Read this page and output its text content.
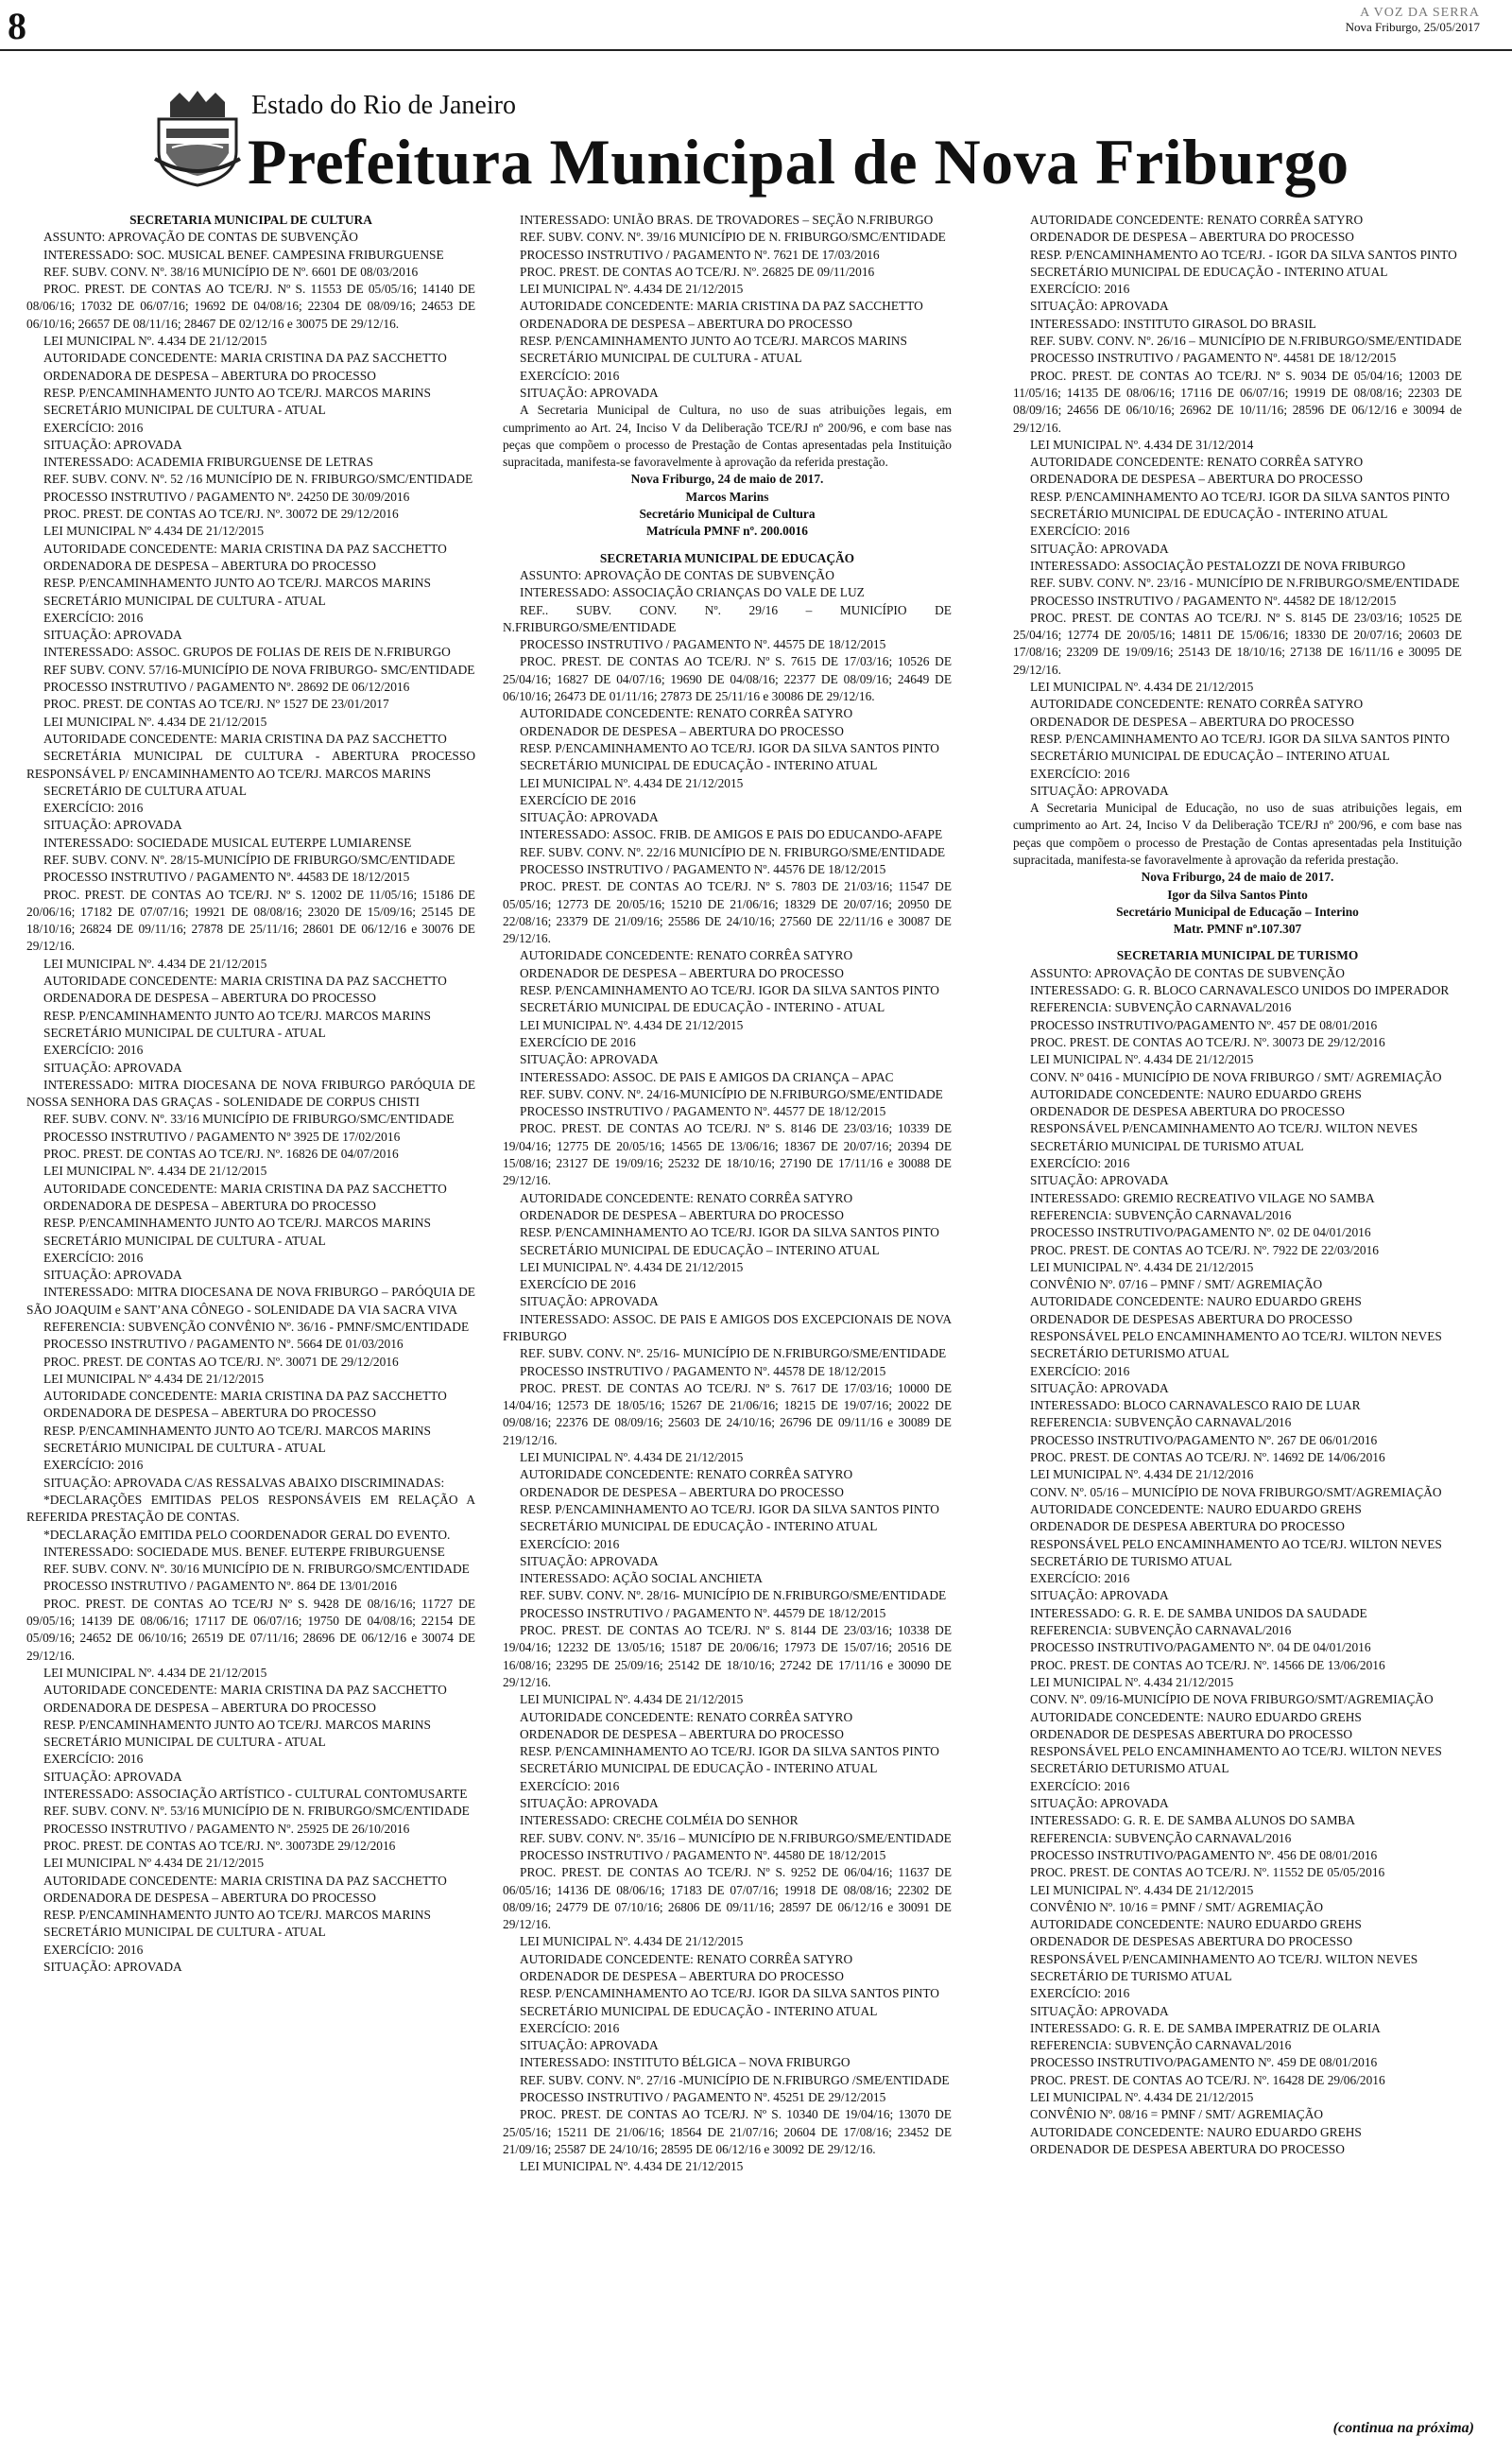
8	A VOZ DA SERRA
Nova Friburgo, 25/05/2017
Estado do Rio de Janeiro
Prefeitura Municipal de Nova Friburgo

SECRETARIA MUNICIPAL DE CULTURA

ASSUNTO: APROVAÇÃO DE CONTAS DE SUBVENÇÃO

INTERESSADO: SOC. MUSICAL BENEF. CAMPESINA FRIBURGUENSE

REF. SUBV. CONV. Nº. 38/16 MUNICÍPIO DE Nº. 6601 DE 08/03/2016

PROC. PREST. DE CONTAS AO TCE/RJ. Nº S. 11553 DE 05/05/16; 14140 DE 08/06/16; 17032 DE 06/07/16; 19692 DE 04/08/16; 22304 DE 08/09/16; 24653 DE 06/10/16; 26657 DE 08/11/16; 28467 DE 02/12/16 e 30075 DE 29/12/16.

LEI MUNICIPAL Nº. 4.434 DE 21/12/2015

AUTORIDADE CONCEDENTE: MARIA CRISTINA DA PAZ SACCHETTO

ORDENADORA DE DESPESA – ABERTURA DO PROCESSO

RESP. P/ENCAMINHAMENTO JUNTO AO TCE/RJ. MARCOS MARINS

SECRETÁRIO MUNICIPAL DE CULTURA - ATUAL

EXERCÍCIO: 2016

SITUAÇÃO: APROVADA

INTERESSADO: ACADEMIA FRIBURGUENSE DE LETRAS

REF. SUBV. CONV. Nº. 52 /16 MUNICÍPIO DE N. FRIBURGO/SMC/ENTIDADE

PROCESSO INSTRUTIVO / PAGAMENTO Nº. 24250 DE 30/09/2016

PROC. PREST. DE CONTAS AO TCE/RJ. Nº. 30072 DE 29/12/2016

LEI MUNICIPAL Nº 4.434 DE 21/12/2015

AUTORIDADE CONCEDENTE: MARIA CRISTINA DA PAZ SACCHETTO

ORDENADORA DE DESPESA – ABERTURA DO PROCESSO

RESP. P/ENCAMINHAMENTO JUNTO AO TCE/RJ. MARCOS MARINS

SECRETÁRIO MUNICIPAL DE CULTURA - ATUAL

EXERCÍCIO: 2016

SITUAÇÃO: APROVADA

INTERESSADO: ASSOC. GRUPOS DE FOLIAS DE REIS DE N.FRIBURGO

REF SUBV. CONV. 57/16-MUNICÍPIO DE NOVA FRIBURGO- SMC/ENTIDADE

PROCESSO INSTRUTIVO / PAGAMENTO Nº. 28692 DE 06/12/2016

PROC. PREST. DE CONTAS AO TCE/RJ. Nº 1527 DE 23/01/2017

LEI MUNICIPAL Nº. 4.434 DE 21/12/2015

AUTORIDADE CONCEDENTE: MARIA CRISTINA DA PAZ SACCHETTO

SECRETÁRIA MUNICIPAL DE CULTURA - ABERTURA PROCESSO RESPONSÁVEL P/ ENCAMINHAMENTO AO TCE/RJ. MARCOS MARINS

SECRETÁRIO DE CULTURA ATUAL

EXERCÍCIO: 2016

SITUAÇÃO: APROVADA

INTERESSADO: SOCIEDADE MUSICAL EUTERPE LUMIARENSE

REF. SUBV. CONV. Nº. 28/15-MUNICÍPIO DE FRIBURGO/SMC/ENTIDADE

PROCESSO INSTRUTIVO / PAGAMENTO Nº. 44583 DE 18/12/2015

PROC. PREST. DE CONTAS AO TCE/RJ. Nº S. 12002 DE 11/05/16; 15186 DE 20/06/16; 17182 DE 07/07/16; 19921 DE 08/08/16; 23020 DE 15/09/16; 25145 DE 18/10/16; 26824 DE 09/11/16; 27878 DE 25/11/16; 28601 DE 06/12/16 e 30076 DE 29/12/16.

LEI MUNICIPAL Nº. 4.434 DE 21/12/2015

AUTORIDADE CONCEDENTE: MARIA CRISTINA DA PAZ SACCHETTO

ORDENADORA DE DESPESA – ABERTURA DO PROCESSO

RESP. P/ENCAMINHAMENTO JUNTO AO TCE/RJ. MARCOS MARINS

SECRETÁRIO MUNICIPAL DE CULTURA - ATUAL

EXERCÍCIO: 2016

SITUAÇÃO: APROVADA

INTERESSADO: MITRA DIOCESANA DE NOVA FRIBURGO PARÓQUIA DE NOSSA SENHORA DAS GRAÇAS - SOLENIDADE DE CORPUS CHISTI

REF. SUBV. CONV. Nº. 33/16 MUNICÍPIO DE FRIBURGO/SMC/ENTIDADE

PROCESSO INSTRUTIVO / PAGAMENTO Nº 3925 DE 17/02/2016

PROC. PREST. DE CONTAS AO TCE/RJ. Nº. 16826 DE 04/07/2016

LEI MUNICIPAL Nº. 4.434 DE 21/12/2015

AUTORIDADE CONCEDENTE: MARIA CRISTINA DA PAZ SACCHETTO

ORDENADORA DE DESPESA – ABERTURA DO PROCESSO

RESP. P/ENCAMINHAMENTO JUNTO AO TCE/RJ. MARCOS MARINS

SECRETÁRIO MUNICIPAL DE CULTURA - ATUAL

EXERCÍCIO: 2016

SITUAÇÃO: APROVADA

INTERESSADO: MITRA DIOCESANA DE NOVA FRIBURGO – PARÓQUIA DE SÃO JOAQUIM e SANT’ANA CÔNEGO - SOLENIDADE DA VIA SACRA VIVA

REFERENCIA: SUBVENÇÃO CONVÊNIO Nº. 36/16 - PMNF/SMC/ENTIDADE

PROCESSO INSTRUTIVO / PAGAMENTO Nº. 5664 DE 01/03/2016

PROC. PREST. DE CONTAS AO TCE/RJ. Nº. 30071 DE 29/12/2016

LEI MUNICIPAL Nº 4.434 DE 21/12/2015

AUTORIDADE CONCEDENTE: MARIA CRISTINA DA PAZ SACCHETTO

ORDENADORA DE DESPESA – ABERTURA DO PROCESSO

RESP. P/ENCAMINHAMENTO JUNTO AO TCE/RJ. MARCOS MARINS

SECRETÁRIO MUNICIPAL DE CULTURA - ATUAL

EXERCÍCIO: 2016

SITUAÇÃO: APROVADA C/AS RESSALVAS ABAIXO DISCRIMINADAS:

*DECLARAÇÕES EMITIDAS PELOS RESPONSÁVEIS EM RELAÇÃO A REFERIDA PRESTAÇÃO DE CONTAS.

*DECLARAÇÃO EMITIDA PELO COORDENADOR GERAL DO EVENTO.

INTERESSADO: SOCIEDADE MUS. BENEF. EUTERPE FRIBURGUENSE

REF. SUBV. CONV. Nº. 30/16 MUNICÍPIO DE N. FRIBURGO/SMC/ENTIDADE

PROCESSO INSTRUTIVO / PAGAMENTO Nº. 864 DE 13/01/2016

PROC. PREST. DE CONTAS AO TCE/RJ Nº S. 9428 DE 08/16/16; 11727 DE 09/05/16; 14139 DE 08/06/16; 17117 DE 06/07/16; 19750 DE 04/08/16; 22154 DE 05/09/16; 24652 DE 06/10/16; 26519 DE 07/11/16; 28696 DE 06/12/16 e 30074 DE 29/12/16.

LEI MUNICIPAL Nº. 4.434 DE 21/12/2015

AUTORIDADE CONCEDENTE: MARIA CRISTINA DA PAZ SACCHETTO

ORDENADORA DE DESPESA – ABERTURA DO PROCESSO

RESP. P/ENCAMINHAMENTO JUNTO AO TCE/RJ. MARCOS MARINS

SECRETÁRIO MUNICIPAL DE CULTURA - ATUAL

EXERCÍCIO: 2016

SITUAÇÃO: APROVADA

INTERESSADO: ASSOCIAÇÃO ARTÍSTICO - CULTURAL CONTOMUSARTE

REF. SUBV. CONV. Nº. 53/16 MUNICÍPIO DE N. FRIBURGO/SMC/ENTIDADE

PROCESSO INSTRUTIVO / PAGAMENTO Nº. 25925 DE 26/10/2016

PROC. PREST. DE CONTAS AO TCE/RJ. Nº. 30073DE 29/12/2016

LEI MUNICIPAL Nº 4.434 DE 21/12/2015

AUTORIDADE CONCEDENTE: MARIA CRISTINA DA PAZ SACCHETTO

ORDENADORA DE DESPESA – ABERTURA DO PROCESSO

RESP. P/ENCAMINHAMENTO JUNTO AO TCE/RJ. MARCOS MARINS

SECRETÁRIO MUNICIPAL DE CULTURA - ATUAL

EXERCÍCIO: 2016

SITUAÇÃO: APROVADA

INTERESSADO: UNIÃO BRAS. DE TROVADORES – SEÇÃO N.FRIBURGO

REF. SUBV. CONV. Nº. 39/16 MUNICÍPIO DE N. FRIBURGO/SMC/ENTIDADE

PROCESSO INSTRUTIVO / PAGAMENTO Nº. 7621 DE 17/03/2016

PROC. PREST. DE CONTAS AO TCE/RJ. Nº. 26825 DE 09/11/2016

LEI MUNICIPAL Nº. 4.434 DE 21/12/2015

AUTORIDADE CONCEDENTE: MARIA CRISTINA DA PAZ SACCHETTO

ORDENADORA DE DESPESA – ABERTURA DO PROCESSO

RESP. P/ENCAMINHAMENTO JUNTO AO TCE/RJ. MARCOS MARINS

SECRETÁRIO MUNICIPAL DE CULTURA - ATUAL

EXERCÍCIO: 2016

SITUAÇÃO: APROVADA

A Secretaria Municipal de Cultura, no uso de suas atribuições legais, em cumprimento ao Art. 24, Inciso V da Deliberação TCE/RJ nº 200/96, e com base nas peças que compõem o processo de Prestação de Contas apresentadas pela Instituição supracitada, manifesta-se favoravelmente à aprovação da referida prestação.

Nova Friburgo, 24 de maio de 2017.

Marcos Marins

Secretário Municipal de Cultura

Matrícula PMNF nº. 200.0016

SECRETARIA MUNICIPAL DE EDUCAÇÃO

ASSUNTO: APROVAÇÃO DE CONTAS DE SUBVENÇÃO

INTERESSADO: ASSOCIAÇÃO CRIANÇAS DO VALE DE LUZ

REF.. SUBV. CONV. Nº. 29/16 – MUNICÍPIO DE N.FRIBURGO/SME/ENTIDADE

PROCESSO INSTRUTIVO / PAGAMENTO Nº. 44575 DE 18/12/2015

PROC. PREST. DE CONTAS AO TCE/RJ. Nº S. 7615 DE 17/03/16; 10526 DE 25/04/16; 16827 DE 04/07/16; 19690 DE 04/08/16; 22377 DE 08/09/16; 24649 DE 06/10/16; 26473 DE 01/11/16; 27873 DE 25/11/16 e 30086 DE 29/12/16.

AUTORIDADE CONCEDENTE: RENATO CORRÊA SATYRO

ORDENADOR DE DESPESA – ABERTURA DO PROCESSO

RESP. P/ENCAMINHAMENTO AO TCE/RJ. IGOR DA SILVA SANTOS PINTO

SECRETÁRIO MUNICIPAL DE EDUCAÇÃO - INTERINO ATUAL

LEI MUNICIPAL Nº. 4.434 DE 21/12/2015

EXERCÍCIO DE 2016

SITUAÇÃO: APROVADA

INTERESSADO: ASSOC. FRIB. DE AMIGOS E PAIS DO EDUCANDO-AFAPE

REF. SUBV. CONV. Nº. 22/16 MUNICÍPIO DE N. FRIBURGO/SME/ENTIDADE

PROCESSO INSTRUTIVO / PAGAMENTO Nº. 44576 DE 18/12/2015

PROC. PREST. DE CONTAS AO TCE/RJ. Nº S. 7803 DE 21/03/16; 11547 DE 05/05/16; 12773 DE 20/05/16; 15210 DE 21/06/16; 18329 DE 20/07/16; 20950 DE 22/08/16; 23379 DE 21/09/16; 25586 DE 24/10/16; 27560 DE 22/11/16 e 30087 DE 29/12/16.

AUTORIDADE CONCEDENTE: RENATO CORRÊA SATYRO

ORDENADOR DE DESPESA – ABERTURA DO PROCESSO

RESP. P/ENCAMINHAMENTO AO TCE/RJ. IGOR DA SILVA SANTOS PINTO

SECRETÁRIO MUNICIPAL DE EDUCAÇÃO - INTERINO - ATUAL

LEI MUNICIPAL Nº. 4.434 DE 21/12/2015

EXERCÍCIO DE 2016

SITUAÇÃO: APROVADA

INTERESSADO: ASSOC. DE PAIS E AMIGOS DA CRIANÇA – APAC

REF. SUBV. CONV. Nº. 24/16-MUNICÍPIO DE N.FRIBURGO/SME/ENTIDADE

PROCESSO INSTRUTIVO / PAGAMENTO Nº. 44577 DE 18/12/2015

PROC. PREST. DE CONTAS AO TCE/RJ. Nº S. 8146 DE 23/03/16; 10339 DE 19/04/16; 12775 DE 20/05/16; 14565 DE 13/06/16; 18367 DE 20/07/16; 20394 DE 15/08/16; 23127 DE 19/09/16; 25232 DE 18/10/16; 27190 DE 17/11/16 e 30088 DE 29/12/16.

AUTORIDADE CONCEDENTE: RENATO CORRÊA SATYRO

ORDENADOR DE DESPESA – ABERTURA DO PROCESSO

RESP. P/ENCAMINHAMENTO AO TCE/RJ. IGOR DA SILVA SANTOS PINTO

SECRETÁRIO MUNICIPAL DE EDUCAÇÃO – INTERINO ATUAL

LEI MUNICIPAL Nº. 4.434 DE 21/12/2015

EXERCÍCIO DE 2016

SITUAÇÃO: APROVADA

INTERESSADO: ASSOC. DE PAIS E AMIGOS DOS EXCEPCIONAIS DE NOVA FRIBURGO

REF. SUBV. CONV. Nº. 25/16- MUNICÍPIO DE N.FRIBURGO/SME/ENTIDADE

PROCESSO INSTRUTIVO / PAGAMENTO Nº. 44578 DE 18/12/2015

PROC. PREST. DE CONTAS AO TCE/RJ. Nº S. 7617 DE 17/03/16; 10000 DE 14/04/16; 12573 DE 18/05/16; 15267 DE 21/06/16; 18215 DE 19/07/16; 20022 DE 09/08/16; 22376 DE 08/09/16; 25603 DE 24/10/16; 26796 DE 09/11/16 e 30089 DE 219/12/16.

LEI MUNICIPAL Nº. 4.434 DE 21/12/2015

AUTORIDADE CONCEDENTE: RENATO CORRÊA SATYRO

ORDENADOR DE DESPESA – ABERTURA DO PROCESSO

RESP. P/ENCAMINHAMENTO AO TCE/RJ. IGOR DA SILVA SANTOS PINTO

SECRETÁRIO MUNICIPAL DE EDUCAÇÃO - INTERINO ATUAL

EXERCÍCIO: 2016

SITUAÇÃO: APROVADA

INTERESSADO: AÇÃO SOCIAL ANCHIETA

REF. SUBV. CONV. Nº. 28/16- MUNICÍPIO DE N.FRIBURGO/SME/ENTIDADE

PROCESSO INSTRUTIVO / PAGAMENTO Nº. 44579 DE 18/12/2015

PROC. PREST. DE CONTAS AO TCE/RJ. Nº S. 8144 DE 23/03/16; 10338 DE 19/04/16; 12232 DE 13/05/16; 15187 DE 20/06/16; 17973 DE 15/07/16; 20516 DE 16/08/16; 23295 DE 25/09/16; 25142 DE 18/10/16; 27242 DE 17/11/16 e 30090 DE 29/12/16.

LEI MUNICIPAL Nº. 4.434 DE 21/12/2015

AUTORIDADE CONCEDENTE: RENATO CORRÊA SATYRO

ORDENADOR DE DESPESA – ABERTURA DO PROCESSO

RESP. P/ENCAMINHAMENTO AO TCE/RJ. IGOR DA SILVA SANTOS PINTO

SECRETÁRIO MUNICIPAL DE EDUCAÇÃO - INTERINO ATUAL

EXERCÍCIO: 2016

SITUAÇÃO: APROVADA

INTERESSADO: CRECHE COLMÉIA DO SENHOR

REF. SUBV. CONV. Nº. 35/16 – MUNICÍPIO DE N.FRIBURGO/SME/ENTIDADE

PROCESSO INSTRUTIVO / PAGAMENTO Nº. 44580 DE 18/12/2015

PROC. PREST. DE CONTAS AO TCE/RJ. Nº S. 9252 DE 06/04/16; 11637 DE 06/05/16; 14136 DE 08/06/16; 17183 DE 07/07/16; 19918 DE 08/08/16; 22302 DE 08/09/16; 24779 DE 07/10/16; 26806 DE 09/11/16; 28597 DE 06/12/16 e 30091 DE 29/12/16.

LEI MUNICIPAL Nº. 4.434 DE 21/12/2015

AUTORIDADE CONCEDENTE: RENATO CORRÊA SATYRO

ORDENADOR DE DESPESA – ABERTURA DO PROCESSO

RESP. P/ENCAMINHAMENTO AO TCE/RJ. IGOR DA SILVA SANTOS PINTO

SECRETÁRIO MUNICIPAL DE EDUCAÇÃO - INTERINO ATUAL

EXERCÍCIO: 2016

SITUAÇÃO: APROVADA

INTERESSADO: INSTITUTO BÉLGICA – NOVA FRIBURGO

REF. SUBV. CONV. Nº. 27/16 -MUNICÍPIO DE N.FRIBURGO /SME/ENTIDADE

PROCESSO INSTRUTIVO / PAGAMENTO Nº. 45251 DE 29/12/2015

PROC. PREST. DE CONTAS AO TCE/RJ. Nº S. 10340 DE 19/04/16; 13070 DE 25/05/16; 15211 DE 21/06/16; 18564 DE 21/07/16; 20604 DE 17/08/16; 23452 DE 21/09/16; 25587 DE 24/10/16; 28595 DE 06/12/16 e 30092 DE 29/12/16.

LEI MUNICIPAL Nº. 4.434 DE 21/12/2015

AUTORIDADE CONCEDENTE: RENATO CORRÊA SATYRO

ORDENADOR DE DESPESA – ABERTURA DO PROCESSO

RESP. P/ENCAMINHAMENTO AO TCE/RJ. - IGOR DA SILVA SANTOS PINTO

SECRETÁRIO MUNICIPAL DE EDUCAÇÃO - INTERINO ATUAL

EXERCÍCIO: 2016

SITUAÇÃO: APROVADA

INTERESSADO: INSTITUTO GIRASOL DO BRASIL

REF. SUBV. CONV. Nº. 26/16 – MUNICÍPIO DE N.FRIBURGO/SME/ENTIDADE

PROCESSO INSTRUTIVO / PAGAMENTO Nº. 44581 DE 18/12/2015

PROC. PREST. DE CONTAS AO TCE/RJ. Nº S. 9034 DE 05/04/16; 12003 DE 11/05/16; 14135 DE 08/06/16; 17116 DE 06/07/16; 19919 DE 08/08/16; 22303 DE 08/09/16; 24656 DE 06/10/16; 26962 DE 10/11/16; 28596 DE 06/12/16 e 30094 de 29/12/16.

LEI MUNICIPAL Nº. 4.434 DE 31/12/2014

AUTORIDADE CONCEDENTE: RENATO CORRÊA SATYRO

ORDENADORA DE DESPESA – ABERTURA DO PROCESSO

RESP. P/ENCAMINHAMENTO AO TCE/RJ. IGOR DA SILVA SANTOS PINTO

SECRETÁRIO MUNICIPAL DE EDUCAÇÃO - INTERINO ATUAL

EXERCÍCIO: 2016

SITUAÇÃO: APROVADA

INTERESSADO: ASSOCIAÇÃO PESTALOZZI DE NOVA FRIBURGO

REF. SUBV. CONV. Nº. 23/16 - MUNICÍPIO DE N.FRIBURGO/SME/ENTIDADE

PROCESSO INSTRUTIVO / PAGAMENTO Nº. 44582 DE 18/12/2015

PROC. PREST. DE CONTAS AO TCE/RJ. Nº S. 8145 DE 23/03/16; 10525 DE 25/04/16; 12774 DE 20/05/16; 14811 DE 15/06/16; 18330 DE 20/07/16; 20603 DE 17/08/16; 23209 DE 19/09/16; 25143 DE 18/10/16; 27138 DE 16/11/16 e 30095 DE 29/12/16.

LEI MUNICIPAL Nº. 4.434 DE 21/12/2015

AUTORIDADE CONCEDENTE: RENATO CORRÊA SATYRO

ORDENADOR DE DESPESA – ABERTURA DO PROCESSO

RESP. P/ENCAMINHAMENTO AO TCE/RJ. IGOR DA SILVA SANTOS PINTO

SECRETÁRIO MUNICIPAL DE EDUCAÇÃO – INTERINO ATUAL

EXERCÍCIO: 2016

SITUAÇÃO: APROVADA

A Secretaria Municipal de Educação, no uso de suas atribuições legais, em cumprimento ao Art. 24, Inciso V da Deliberação TCE/RJ nº 200/96, e com base nas peças que compõem o processo de Prestação de Contas apresentadas pela Instituição supracitada, manifesta-se favoravelmente à aprovação da referida prestação.

Nova Friburgo, 24 de maio de 2017.

Igor da Silva Santos Pinto

Secretário Municipal de Educação – Interino

Matr. PMNF nº.107.307

SECRETARIA MUNICIPAL DE TURISMO

ASSUNTO: APROVAÇÃO DE CONTAS DE SUBVENÇÃO

INTERESSADO: G. R. BLOCO CARNAVALESCO UNIDOS DO IMPERADOR

REFERENCIA: SUBVENÇÃO CARNAVAL/2016

PROCESSO INSTRUTIVO/PAGAMENTO Nº. 457 DE 08/01/2016

PROC. PREST. DE CONTAS AO TCE/RJ. Nº. 30073 DE 29/12/2016

LEI MUNICIPAL Nº. 4.434 DE 21/12/2015

CONV. Nº 0416 - MUNICÍPIO DE NOVA FRIBURGO / SMT/ AGREMIAÇÃO

AUTORIDADE CONCEDENTE: NAURO EDUARDO GREHS

ORDENADOR DE DESPESA ABERTURA DO PROCESSO

RESPONSÁVEL P/ENCAMINHAMENTO AO TCE/RJ. WILTON NEVES

SECRETÁRIO MUNICIPAL DE TURISMO ATUAL

EXERCÍCIO: 2016

SITUAÇÃO: APROVADA

INTERESSADO: GREMIO RECREATIVO VILAGE NO SAMBA

REFERENCIA: SUBVENÇÃO CARNAVAL/2016

PROCESSO INSTRUTIVO/PAGAMENTO Nº. 02 DE 04/01/2016

PROC. PREST. DE CONTAS AO TCE/RJ. Nº. 7922 DE 22/03/2016

LEI MUNICIPAL Nº. 4.434 DE 21/12/2015

CONVÊNIO Nº. 07/16 – PMNF / SMT/ AGREMIAÇÃO

AUTORIDADE CONCEDENTE: NAURO EDUARDO GREHS

ORDENADOR DE DESPESAS ABERTURA DO PROCESSO

RESPONSÁVEL PELO ENCAMINHAMENTO AO TCE/RJ. WILTON NEVES

SECRETÁRIO DETURISMO ATUAL

EXERCÍCIO: 2016

SITUAÇÃO: APROVADA

INTERESSADO: BLOCO CARNAVALESCO RAIO DE LUAR

REFERENCIA: SUBVENÇÃO CARNAVAL/2016

PROCESSO INSTRUTIVO/PAGAMENTO Nº. 267 DE 06/01/2016

PROC. PREST. DE CONTAS AO TCE/RJ. Nº. 14692 DE 14/06/2016

LEI MUNICIPAL Nº. 4.434 DE 21/12/2016

CONV. Nº. 05/16 – MUNICÍPIO DE NOVA FRIBURGO/SMT/AGREMIAÇÃO

AUTORIDADE CONCEDENTE: NAURO EDUARDO GREHS

ORDENADOR DE DESPESA ABERTURA DO PROCESSO

RESPONSÁVEL PELO ENCAMINHAMENTO AO TCE/RJ. WILTON NEVES

SECRETÁRIO DE TURISMO ATUAL

EXERCÍCIO: 2016

SITUAÇÃO: APROVADA

INTERESSADO: G. R. E. DE SAMBA UNIDOS DA SAUDADE

REFERENCIA: SUBVENÇÃO CARNAVAL/2016

PROCESSO INSTRUTIVO/PAGAMENTO Nº. 04 DE 04/01/2016

PROC. PREST. DE CONTAS AO TCE/RJ. Nº. 14566 DE 13/06/2016

LEI MUNICIPAL Nº. 4.434 21/12/2015

CONV. Nº. 09/16-MUNICÍPIO DE NOVA FRIBURGO/SMT/AGREMIAÇÃO

AUTORIDADE CONCEDENTE: NAURO EDUARDO GREHS

ORDENADOR DE DESPESAS ABERTURA DO PROCESSO

RESPONSÁVEL PELO ENCAMINHAMENTO AO TCE/RJ. WILTON NEVES

SECRETÁRIO DETURISMO ATUAL

EXERCÍCIO: 2016

SITUAÇÃO: APROVADA

INTERESSADO: G. R. E. DE SAMBA ALUNOS DO SAMBA

REFERENCIA: SUBVENÇÃO CARNAVAL/2016

PROCESSO INSTRUTIVO/PAGAMENTO Nº. 456 DE 08/01/2016

PROC. PREST. DE CONTAS AO TCE/RJ. Nº. 11552 DE 05/05/2016

LEI MUNICIPAL Nº. 4.434 DE 21/12/2015

CONVÊNIO Nº. 10/16 = PMNF / SMT/ AGREMIAÇÃO

AUTORIDADE CONCEDENTE: NAURO EDUARDO GREHS

ORDENADOR DE DESPESAS ABERTURA DO PROCESSO

RESPONSÁVEL P/ENCAMINHAMENTO AO TCE/RJ. WILTON NEVES

SECRETÁRIO DE TURISMO ATUAL

EXERCÍCIO: 2016

SITUAÇÃO: APROVADA

INTERESSADO: G. R. E. DE SAMBA IMPERATRIZ DE OLARIA

REFERENCIA: SUBVENÇÃO CARNAVAL/2016

PROCESSO INSTRUTIVO/PAGAMENTO Nº. 459 DE 08/01/2016

PROC. PREST. DE CONTAS AO TCE/RJ. Nº. 16428 DE 29/06/2016

LEI MUNICIPAL Nº. 4.434 DE 21/12/2015

CONVÊNIO Nº. 08/16 = PMNF / SMT/ AGREMIAÇÃO

AUTORIDADE CONCEDENTE: NAURO EDUARDO GREHS

ORDENADOR DE DESPESA ABERTURA DO PROCESSO

(continua na próxima)
